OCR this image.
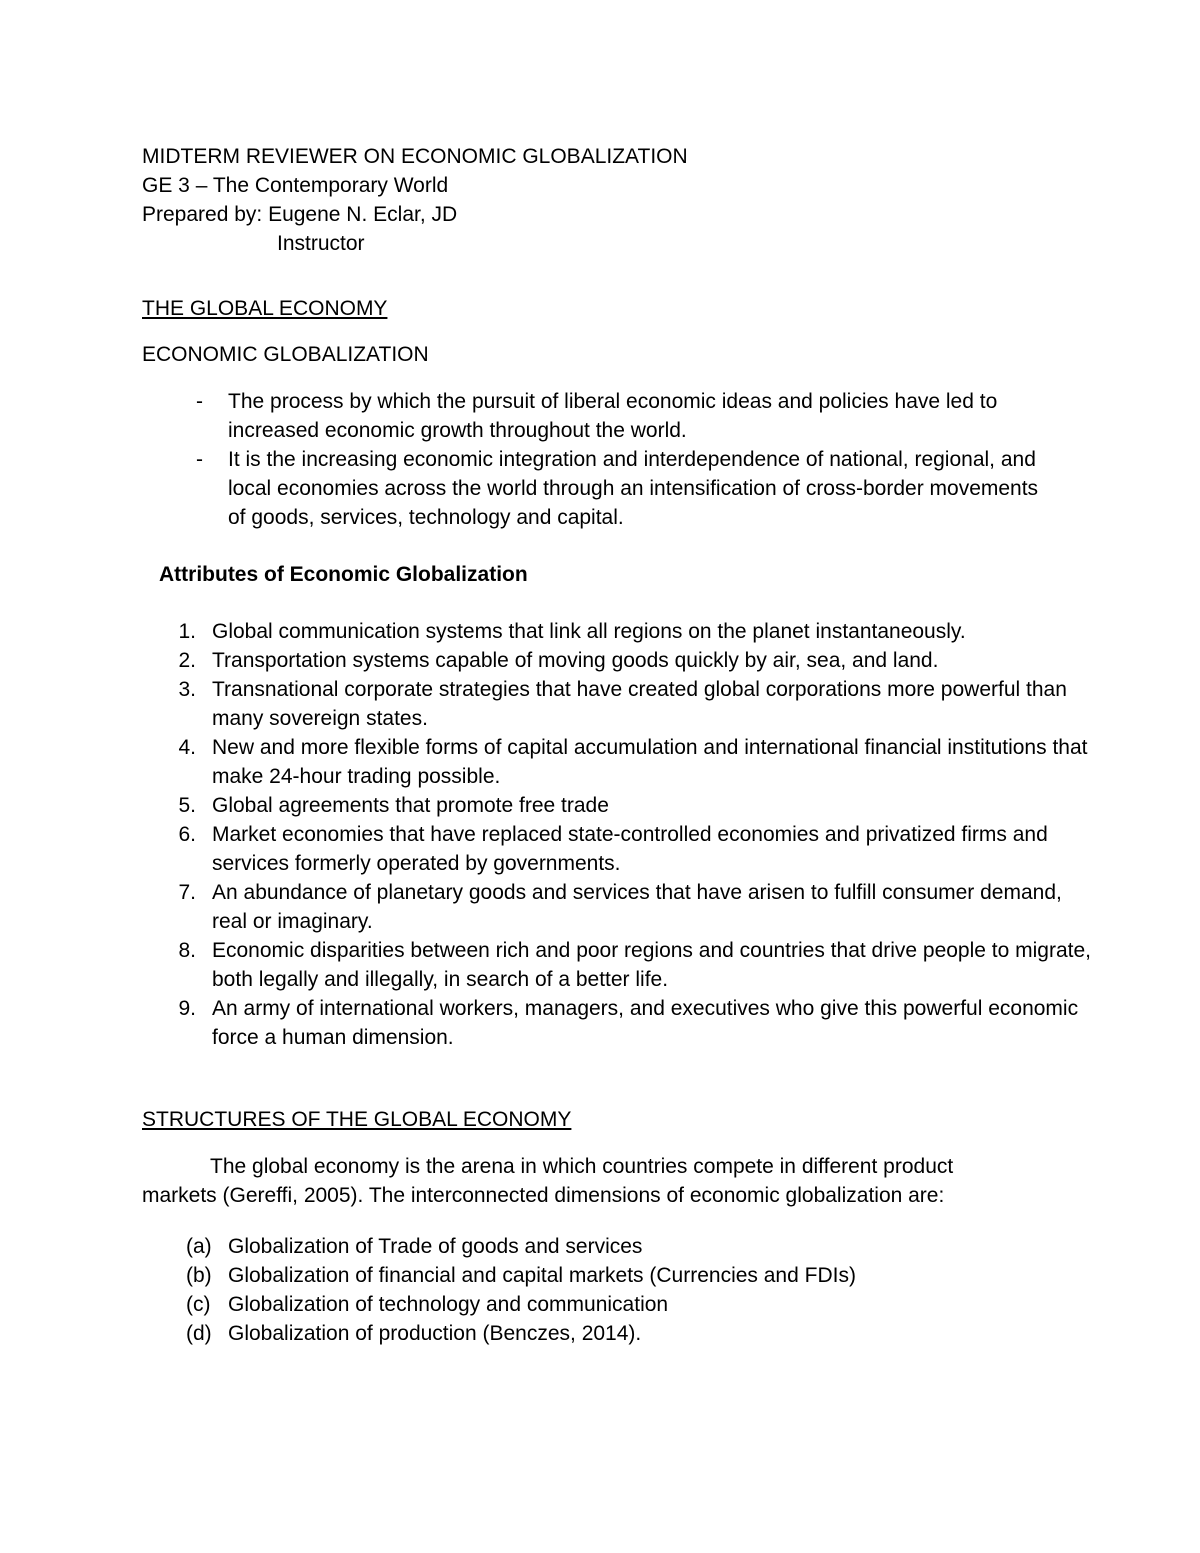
MIDTERM REVIEWER ON ECONOMIC GLOBALIZATION
GE 3 – The Contemporary World
Prepared by: Eugene N. Eclar, JD
Instructor
THE GLOBAL ECONOMY
ECONOMIC GLOBALIZATION
- The process by which the pursuit of liberal economic ideas and policies have led to increased economic growth throughout the world.
- It is the increasing economic integration and interdependence of national, regional, and local economies across the world through an intensification of cross-border movements of goods, services, technology and capital.
Attributes of Economic Globalization
1. Global communication systems that link all regions on the planet instantaneously.
2. Transportation systems capable of moving goods quickly by air, sea, and land.
3. Transnational corporate strategies that have created global corporations more powerful than many sovereign states.
4. New and more flexible forms of capital accumulation and international financial institutions that make 24-hour trading possible.
5. Global agreements that promote free trade
6. Market economies that have replaced state-controlled economies and privatized firms and services formerly operated by governments.
7. An abundance of planetary goods and services that have arisen to fulfill consumer demand, real or imaginary.
8. Economic disparities between rich and poor regions and countries that drive people to migrate, both legally and illegally, in search of a better life.
9. An army of international workers, managers, and executives who give this powerful economic force a human dimension.
STRUCTURES OF THE GLOBAL ECONOMY

The global economy is the arena in which countries compete in different product markets (Gereffi, 2005). The interconnected dimensions of economic globalization are:

(a) Globalization of Trade of goods and services
(b) Globalization of financial and capital markets (Currencies and FDIs)
(c) Globalization of technology and communication
(d) Globalization of production (Benczes, 2014).
